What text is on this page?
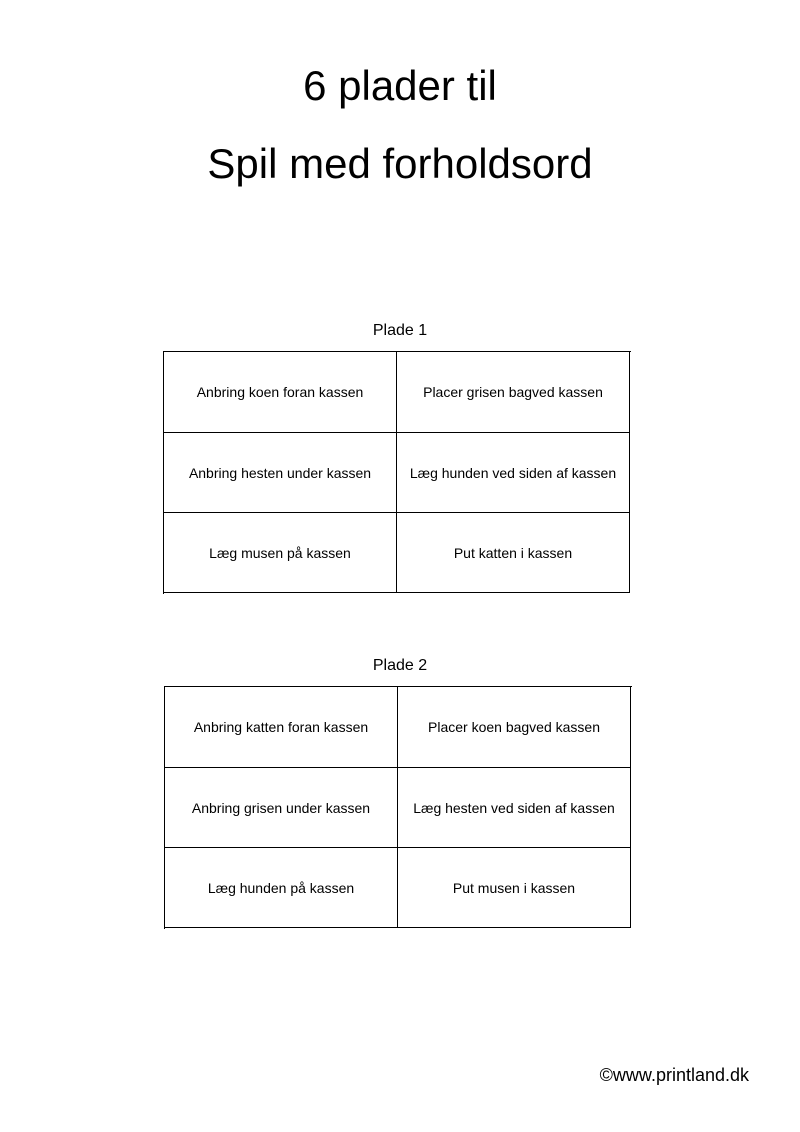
6 plader til
Spil med forholdsord
Plade 1
Anbring koen foran kassen	Placer grisen bagved kassen
Anbring hesten under kassen	Læg hunden ved siden af kassen
Læg musen på kassen	Put katten i kassen
Plade 2
Anbring katten foran kassen	Placer koen bagved kassen
Anbring grisen under kassen	Læg hesten ved siden af kassen
Læg hunden på kassen	Put musen i kassen
©www.printland.dk
